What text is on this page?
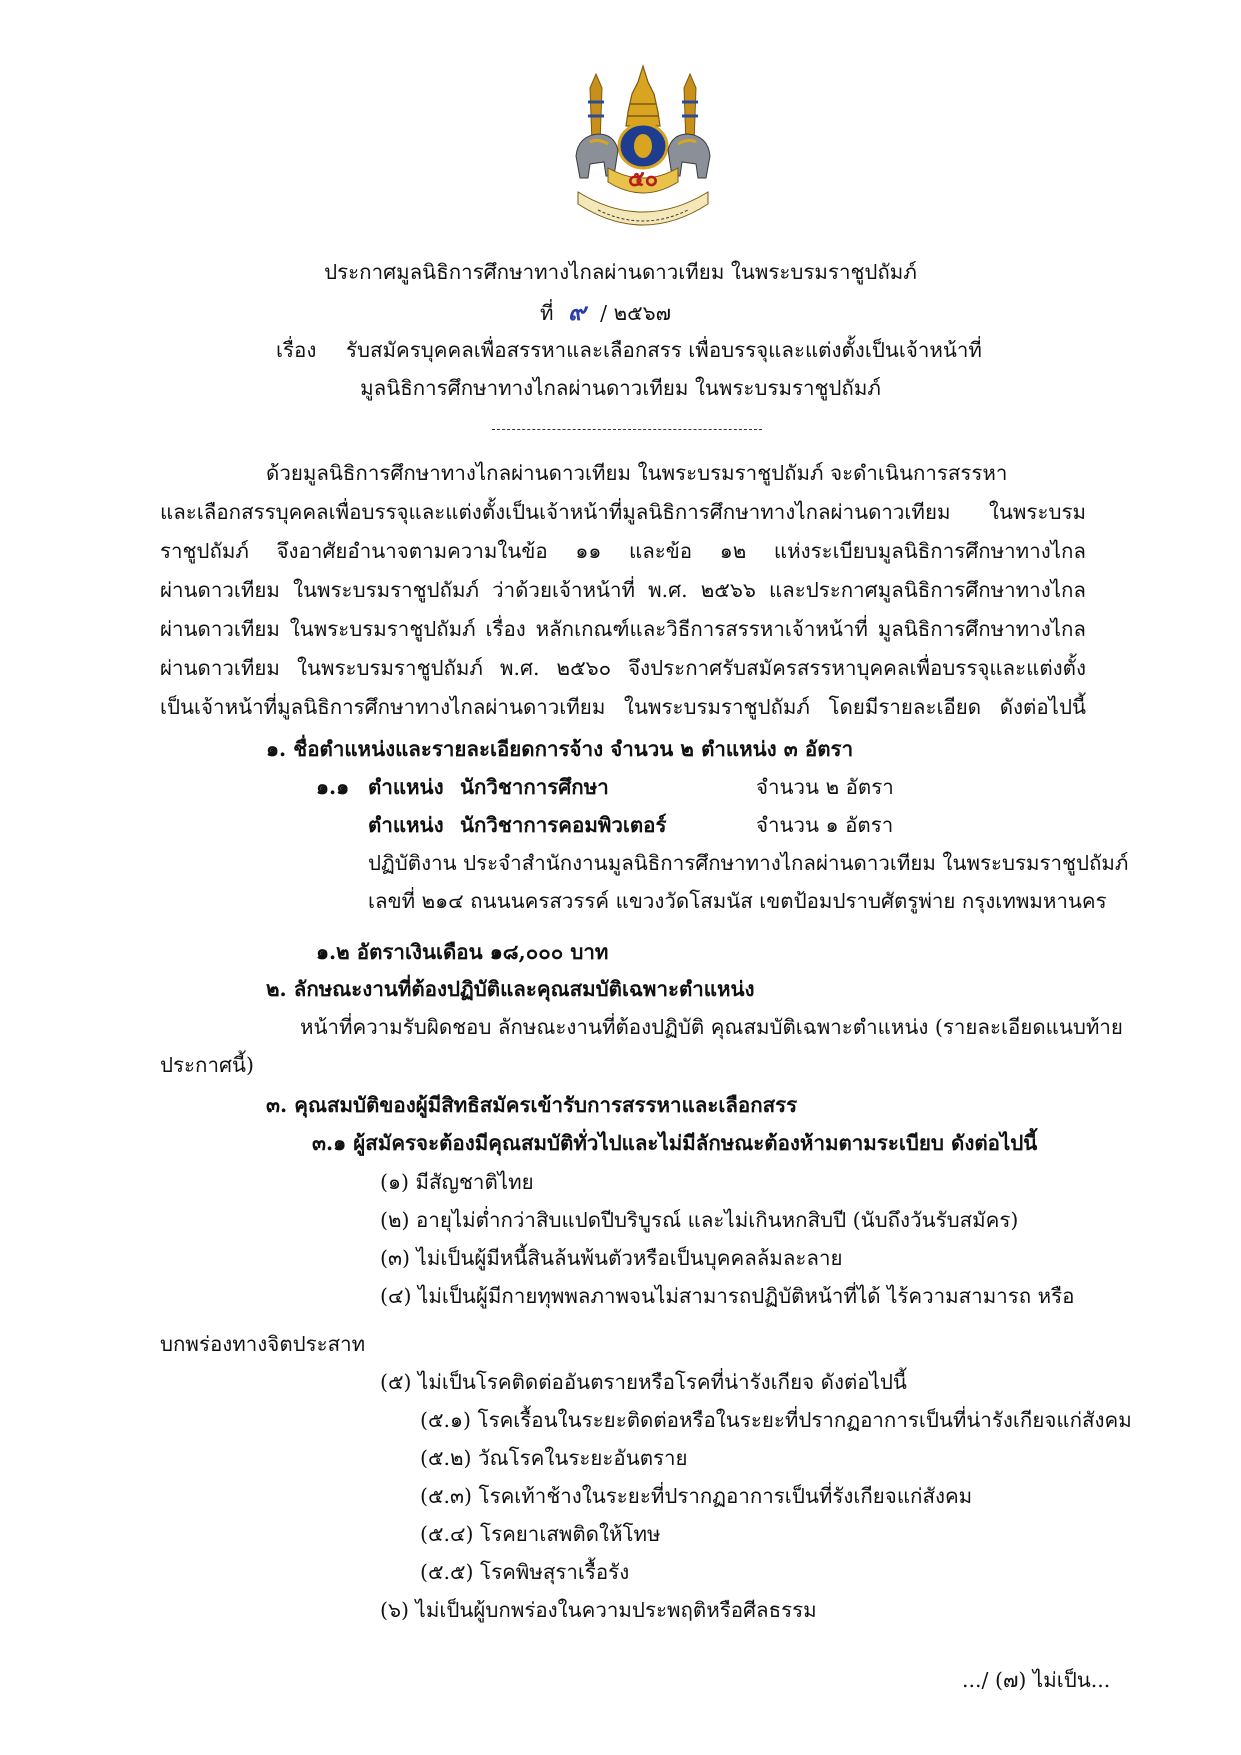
๕๐
ประกาศมูลนิธิการศึกษาทางไกลผ่านดาวเทียม ในพระบรมราชูปถัมภ์
ที่ ๙ / ๒๕๖๗
เรื่อง รับสมัครบุคคลเพื่อสรรหาและเลือกสรร เพื่อบรรจุและแต่งตั้งเป็นเจ้าหน้าที่
มูลนิธิการศึกษาทางไกลผ่านดาวเทียม ในพระบรมราชูปถัมภ์
ด้วยมูลนิธิการศึกษาทางไกลผ่านดาวเทียม ในพระบรมราชูปถัมภ์ จะดำเนินการสรรหา
และเลือกสรรบุคคลเพื่อบรรจุและแต่งตั้งเป็นเจ้าหน้าที่มูลนิธิการศึกษาทางไกลผ่านดาวเทียม ในพระบรม
ราชูปถัมภ์ จึงอาศัยอำนาจตามความในข้อ ๑๑ และข้อ ๑๒ แห่งระเบียบมูลนิธิการศึกษาทางไกล
ผ่านดาวเทียม ในพระบรมราชูปถัมภ์ ว่าด้วยเจ้าหน้าที่ พ.ศ. ๒๕๖๖ และประกาศมูลนิธิการศึกษาทางไกล
ผ่านดาวเทียม ในพระบรมราชูปถัมภ์ เรื่อง หลักเกณฑ์และวิธีการสรรหาเจ้าหน้าที่ มูลนิธิการศึกษาทางไกล
ผ่านดาวเทียม ในพระบรมราชูปถัมภ์ พ.ศ. ๒๕๖๐ จึงประกาศรับสมัครสรรหาบุคคลเพื่อบรรจุและแต่งตั้ง
เป็นเจ้าหน้าที่มูลนิธิการศึกษาทางไกลผ่านดาวเทียม ในพระบรมราชูปถัมภ์ โดยมีรายละเอียด ดังต่อไปนี้
๑. ชื่อตำแหน่งและรายละเอียดการจ้าง จำนวน ๒ ตำแหน่ง ๓ อัตรา
๑.๑ ตำแหน่ง นักวิชาการศึกษา	จำนวน ๒ อัตรา
ตำแหน่ง นักวิชาการคอมพิวเตอร์	จำนวน ๑ อัตรา
ปฏิบัติงาน ประจำสำนักงานมูลนิธิการศึกษาทางไกลผ่านดาวเทียม ในพระบรมราชูปถัมภ์
เลขที่ ๒๑๔ ถนนนครสวรรค์ แขวงวัดโสมนัส เขตป้อมปราบศัตรูพ่าย กรุงเทพมหานคร
๑.๒ อัตราเงินเดือน ๑๘,๐๐๐ บาท
๒. ลักษณะงานที่ต้องปฏิบัติและคุณสมบัติเฉพาะตำแหน่ง
หน้าที่ความรับผิดชอบ ลักษณะงานที่ต้องปฏิบัติ คุณสมบัติเฉพาะตำแหน่ง (รายละเอียดแนบท้าย
ประกาศนี้)
๓. คุณสมบัติของผู้มีสิทธิสมัครเข้ารับการสรรหาและเลือกสรร
๓.๑ ผู้สมัครจะต้องมีคุณสมบัติทั่วไปและไม่มีลักษณะต้องห้ามตามระเบียบ ดังต่อไปนี้
(๑) มีสัญชาติไทย
(๒) อายุไม่ต่ำกว่าสิบแปดปีบริบูรณ์ และไม่เกินหกสิบปี (นับถึงวันรับสมัคร)
(๓) ไม่เป็นผู้มีหนี้สินล้นพ้นตัวหรือเป็นบุคคลล้มละลาย
(๔) ไม่เป็นผู้มีกายทุพพลภาพจนไม่สามารถปฏิบัติหน้าที่ได้ ไร้ความสามารถ หรือ
บกพร่องทางจิตประสาท
(๕) ไม่เป็นโรคติดต่ออันตรายหรือโรคที่น่ารังเกียจ ดังต่อไปนี้
(๕.๑) โรคเรื้อนในระยะติดต่อหรือในระยะที่ปรากฏอาการเป็นที่น่ารังเกียจแก่สังคม
(๕.๒) วัณโรคในระยะอันตราย
(๕.๓) โรคเท้าช้างในระยะที่ปรากฏอาการเป็นที่รังเกียจแก่สังคม
(๕.๔) โรคยาเสพติดให้โทษ
(๕.๕) โรคพิษสุราเรื้อรัง
(๖) ไม่เป็นผู้บกพร่องในความประพฤติหรือศีลธรรม
.../ (๗) ไม่เป็น...
